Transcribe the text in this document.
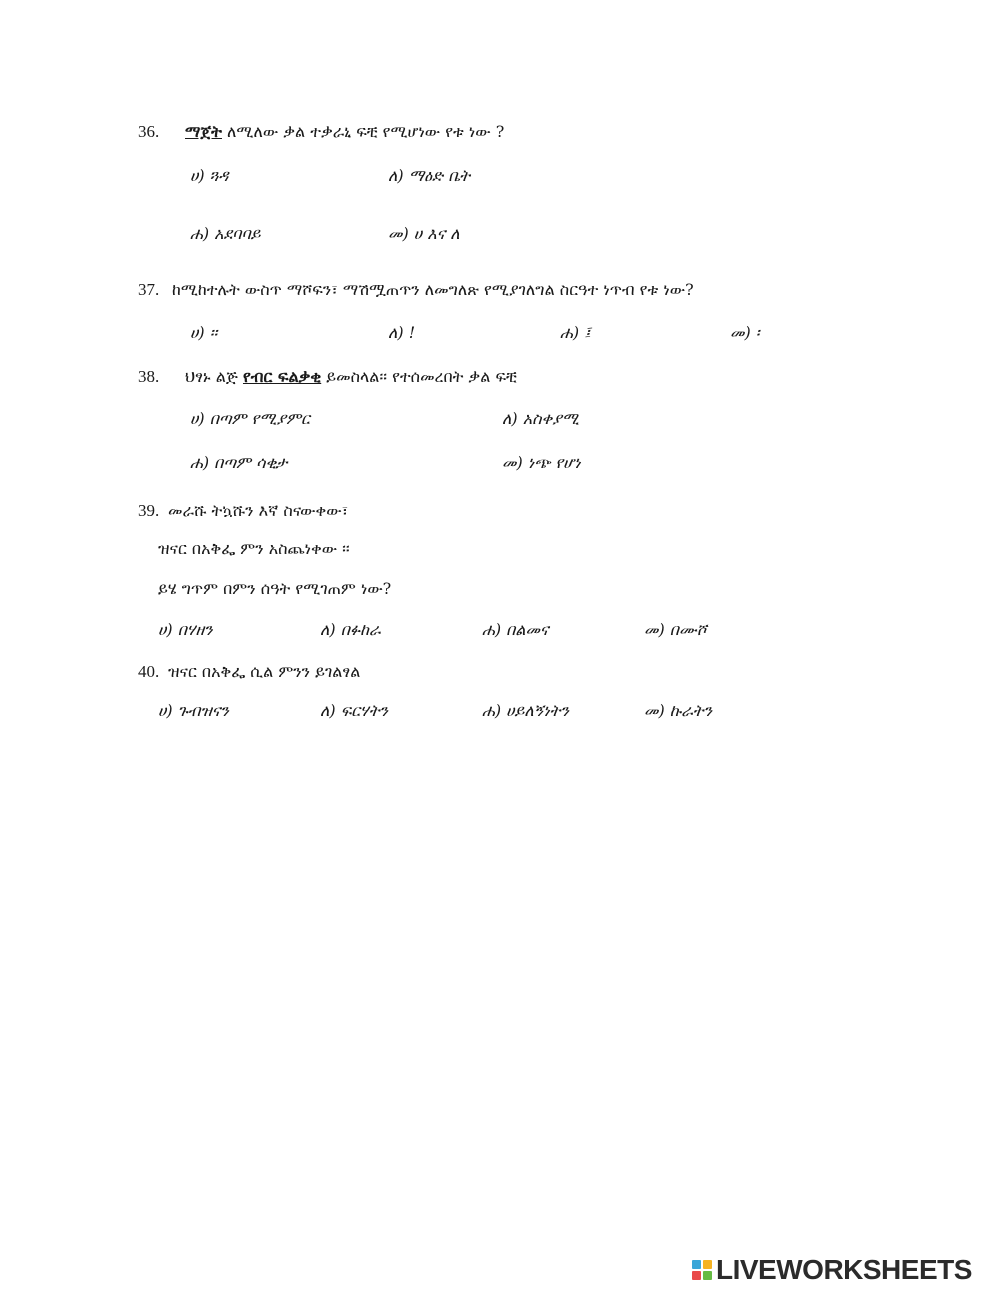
36. ማጀት ለሚለው ቃል ተቃራኒ ፍቺ የሚሆነው የቱ ነው ?
ሀ) ጓዳ	ለ) ማዕድ ቤት
ሐ) አደባባይ	መ) ሀ እና ለ
37. ከሚከተሉት ውስጥ ማሾፍን፣ ማሽሟጠጥን ለመግለጽ የሚያገለግል ስርዓተ ነጥብ የቱ ነው?
ሀ) ፡፡	ለ) !	ሐ) ፤	መ) ፡
38. ህፃኑ ልጅ የብር ፍልቃቂ ይመስላል፡፡ የተሰመረበት ቃል ፍቺ
ሀ) በጣም የሚያምር	ለ) አስቀያሚ
ሐ) በጣም ሳቂታ	መ) ነጭ የሆነ
39. መራሹ ትኳሹን እኛ ስናውቀው፣
ዝናር በአቅፌ ምን አስጨነቀው ፡፡
ይሄ ግጥም በምን ሰዓት የሚገጠም ነው?
ሀ) በሃዘን	ለ) በፉከራ	ሐ) በልመና	መ) በሙሾ
40. ዝናር በአቅፌ ሲል ምንን ይገልፃል
ሀ) ጉብዝናን	ለ) ፍርሃትን	ሐ) ሀይለኝነትን	መ) ኩራትን
LIVEWORKSHEETS
